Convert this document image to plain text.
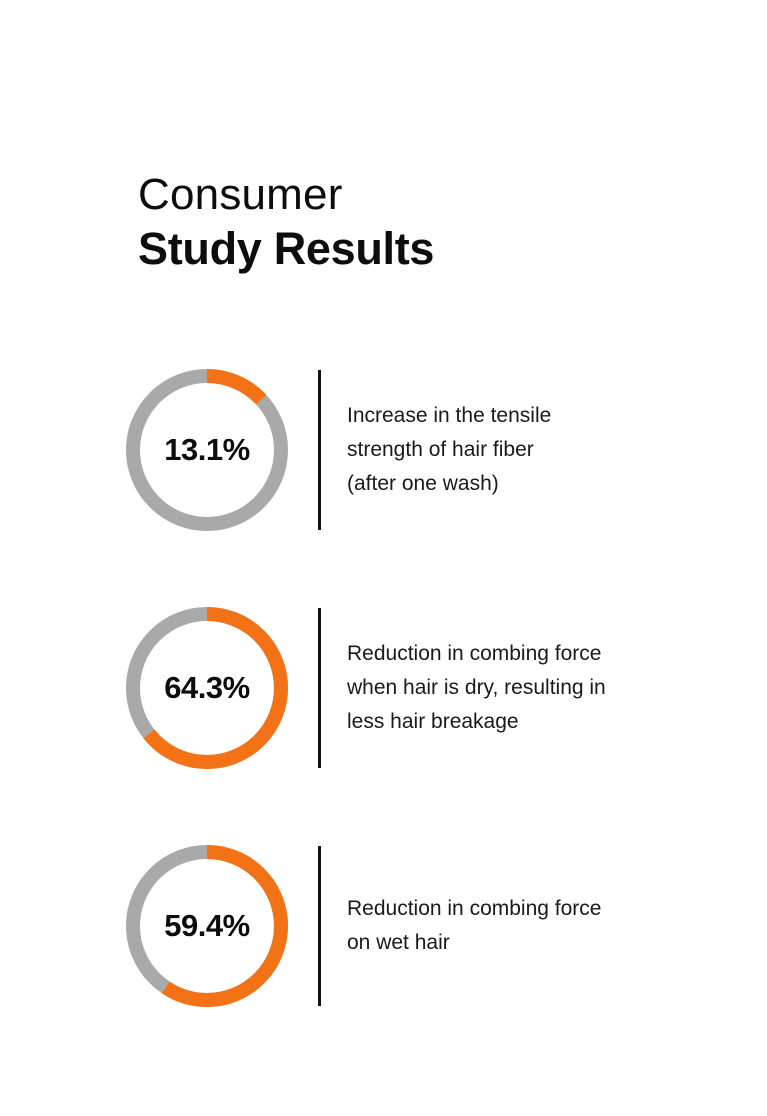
Consumer
Study Results
13.1%
Increase in the tensile
strength of hair fiber
(after one wash)
64.3%
Reduction in combing force
when hair is dry, resulting in
less hair breakage
59.4%	Reduction in combing force
on wet hair
